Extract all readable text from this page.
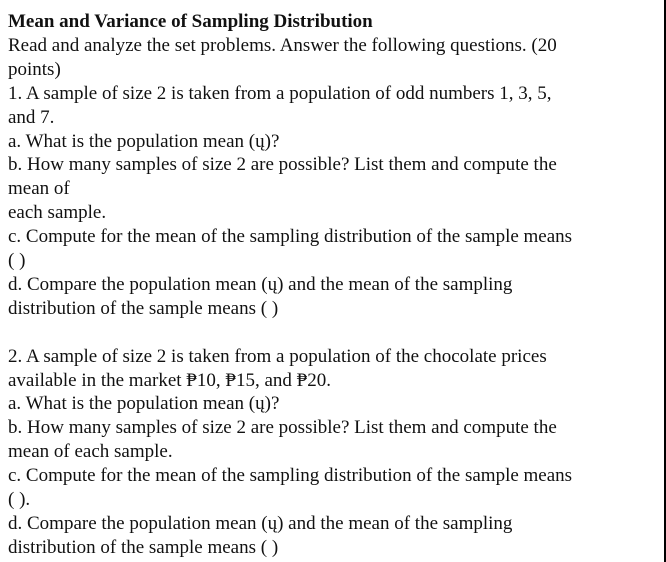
Mean and Variance of Sampling Distribution
Read and analyze the set problems. Answer the following questions. (20
points)
1. A sample of size 2 is taken from a population of odd numbers 1, 3, 5,
and 7.
a. What is the population mean (ų)?
b. How many samples of size 2 are possible? List them and compute the
mean of
each sample.
c. Compute for the mean of the sampling distribution of the sample means
( )
d. Compare the population mean (ų) and the mean of the sampling
distribution of the sample means ( )
2. A sample of size 2 is taken from a population of the chocolate prices
available in the market ₱10, ₱15, and ₱20.
a. What is the population mean (ų)?
b. How many samples of size 2 are possible? List them and compute the
mean of each sample.
c. Compute for the mean of the sampling distribution of the sample means
( ).
d. Compare the population mean (ų) and the mean of the sampling
distribution of the sample means ( )
